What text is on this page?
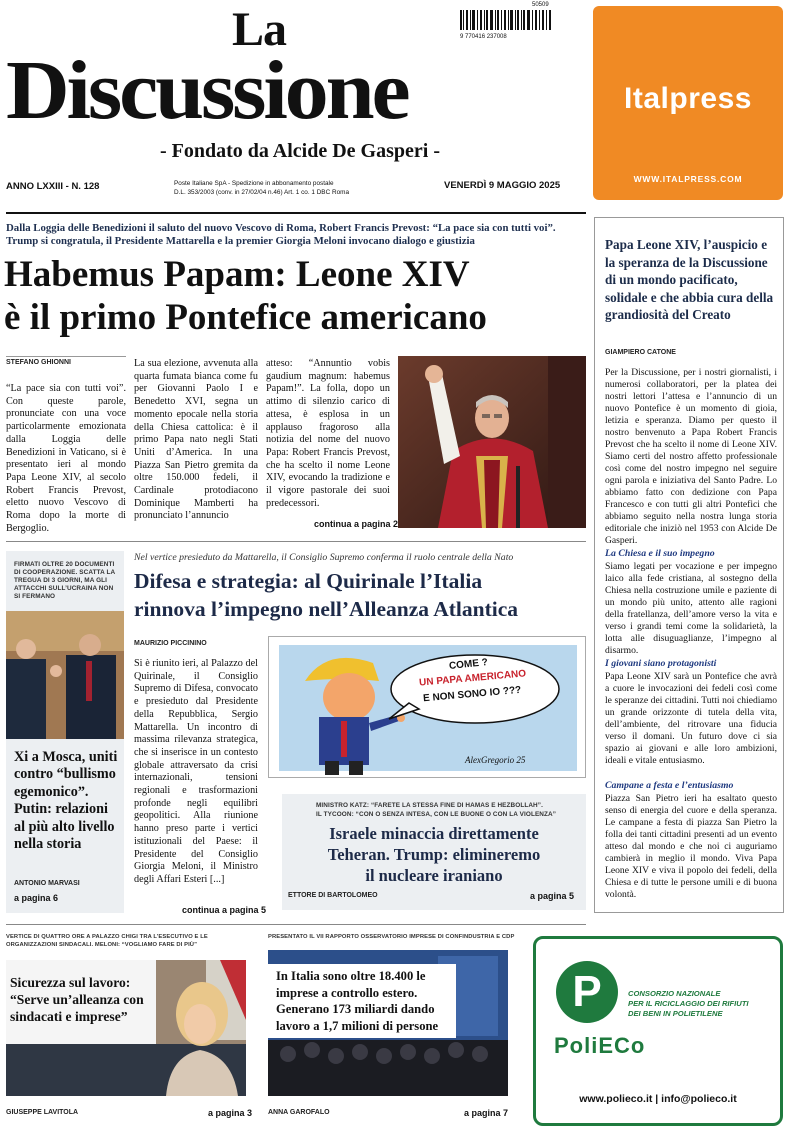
La
Discussione
- Fondato da Alcide De Gasperi -
9 770416 237008
50509
Italpress
WWW.ITALPRESS.COM
ANNO LXXIII - N. 128	Poste Italiane SpA - Spedizione in abbonamento postale
D.L. 353/2003 (conv. in 27/02/04 n.46) Art. 1 co. 1 DBC Roma
VENERDÌ 9 MAGGIO 2025
Dalla Loggia delle Benedizioni il saluto del nuovo Vescovo di Roma, Robert Francis Prevost: “La pace sia con tutti voi”. Trump si congratula, il Presidente Mattarella e la premier Giorgia Meloni invocano dialogo e giustizia
Habemus Papam: Leone XIV
è il primo Pontefice americano
STEFANO GHIONNI
“La pace sia con tutti voi”. Con queste parole, pronunciate con una voce particolarmente emozionata dalla Loggia delle Benedizioni in Vaticano, si è presentato ieri al mondo Papa Leone XIV, al secolo Robert Francis Prevost, eletto nuovo Vescovo di Roma dopo la morte di Bergoglio.
La sua elezione, avvenuta alla quarta fumata bianca come fu per Giovanni Paolo I e Benedetto XVI, segna un momento epocale nella storia della Chiesa cattolica: è il primo Papa nato negli Stati Uniti d’America. In una Piazza San Pietro gremita da oltre 150.000 fedeli, il Cardinale protodiacono Dominique Mamberti ha pronunciato l’annuncio
atteso: “Annuntio vobis gaudium magnum: habemus Papam!”. La folla, dopo un attimo di silenzio carico di attesa, è esplosa in un applauso fragoroso alla notizia del nome del nuovo Papa: Robert Francis Prevost, che ha scelto il nome Leone XIV, evocando la tradizione e il vigore pastorale dei suoi predecessori.
continua a pagina 2
Papa Leone XIV, l’auspicio e la speranza de la Discussione di un mondo pacificato, solidale e che abbia cura della grandiosità del Creato
GIAMPIERO CATONE
Per la Discussione, per i nostri giornalisti, i numerosi collaboratori, per la platea dei nostri lettori l’attesa e l’annuncio di un nuovo Pontefice è un momento di gioia, letizia e speranza. Diamo per questo il nostro benvenuto a Papa Robert Francis Prevost che ha scelto il nome di Leone XIV. Siamo certi del nostro affetto professionale così come del nostro impegno nel seguire ogni parola e iniziativa del Santo Padre. Lo abbiamo fatto con dedizione con Papa Francesco e con tutti gli altri Pontefici che abbiamo seguito nella nostra lunga storia editoriale che iniziò nel 1953 con Alcide De Gasperi.
La Chiesa e il suo impegno
Siamo legati per vocazione e per impegno laico alla fede cristiana, al sostegno della Chiesa nella costruzione umile e paziente di un mondo più unito, attento alle ragioni della fratellanza, dell’amore verso la vita e verso i grandi temi come la solidarietà, la lotta alle disuguaglianze, l’impegno al disarmo.
I giovani siano protagonisti
Papa Leone XIV sarà un Pontefice che avrà a cuore le invocazioni dei fedeli così come le speranze dei cittadini. Tutti noi chiediamo un grande orizzonte di tutela della vita, dell’ambiente, del ritrovare una fiducia verso il domani. Un futuro dove ci sia spazio ai giovani e alle loro ambizioni, ideali e vitale entusiasmo.
Campane a festa e l’entusiasmo
Piazza San Pietro ieri ha esaltato questo senso di energia del cuore e della speranza. Le campane a festa di piazza San Pietro la folla dei tanti cittadini presenti ad un evento atteso dal mondo e che noi ci auguriamo cambierà in meglio il mondo. Viva Papa Leone XIV e viva il popolo dei fedeli, della Chiesa e di tutte le persone umili e di buona volontà.
FIRMATI OLTRE 20 DOCUMENTI DI COOPERAZIONE. SCATTA LA TREGUA DI 3 GIORNI, MA GLI ATTACCHI SULL’UCRAINA NON SI FERMANO
Xi a Mosca, uniti contro “bullismo egemonico”. Putin: relazioni al più alto livello nella storia
ANTONIO MARVASI
a pagina 6
Nel vertice presieduto da Mattarella, il Consiglio Supremo conferma il ruolo centrale della Nato
Difesa e strategia: al Quirinale l’Italia
rinnova l’impegno nell’Alleanza Atlantica
MAURIZIO PICCININO
Si è riunito ieri, al Palazzo del Quirinale, il Consiglio Supremo di Difesa, convocato e presieduto dal Presidente della Repubblica, Sergio Mattarella. Un incontro di massima rilevanza strategica, che si inserisce in un contesto globale attraversato da crisi internazionali, tensioni regionali e trasformazioni profonde negli equilibri geopolitici. Alla riunione hanno preso parte i vertici istituzionali del Paese: il Presidente del Consiglio Giorgia Meloni, il Ministro degli Affari Esteri [...]
continua a pagina 5
COME ?
UN PAPA AMERICANO
E NON SONO IO ???
AlexGregorio 25
MINISTRO KATZ: “FARETE LA STESSA FINE DI HAMAS E HEZBOLLAH”.
IL TYCOON: “CON O SENZA INTESA, CON LE BUONE O CON LA VIOLENZA”
Israele minaccia direttamente
Teheran. Trump: elimineremo
il nucleare iraniano
ETTORE DI BARTOLOMEO	a pagina 5
VERTICE DI QUATTRO ORE A PALAZZO CHIGI TRA L’ESECUTIVO E LE ORGANIZZAZIONI SINDACALI. MELONI: “VOGLIAMO FARE DI PIÙ”
Sicurezza sul lavoro: “Serve un’alleanza con sindacati e imprese”
GIUSEPPE LAVITOLA	a pagina 3
PRESENTATO IL VII RAPPORTO OSSERVATORIO IMPRESE DI CONFINDUSTRIA E CDP
In Italia sono oltre 18.400 le imprese a controllo estero. Generano 173 miliardi dando lavoro a 1,7 milioni di persone
ANNA GAROFALO	a pagina 7
P	CONSORZIO NAZIONALE
PER IL RICICLAGGIO DEI RIFIUTI
DEI BENI IN POLIETILENE
PoliECo
www.polieco.it | info@polieco.it
